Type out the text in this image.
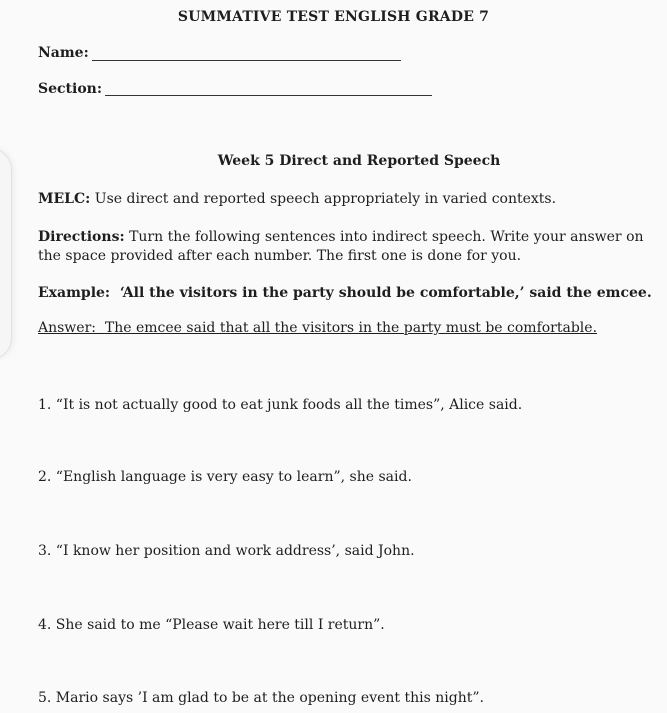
SUMMATIVE TEST ENGLISH GRADE 7
Name:
Section:
Week 5 Direct and Reported Speech
MELC: Use direct and reported speech appropriately in varied contexts.
Directions: Turn the following sentences into indirect speech. Write your answer on
the space provided after each number. The first one is done for you.
Example: ‘All the visitors in the party should be comfortable,’ said the emcee.
Answer: The emcee said that all the visitors in the party must be comfortable.
1. “It is not actually good to eat junk foods all the times”, Alice said.
2. “English language is very easy to learn”, she said.
3. “I know her position and work address’, said John.
4. She said to me “Please wait here till I return”.
5. Mario says ’I am glad to be at the opening event this night”.
